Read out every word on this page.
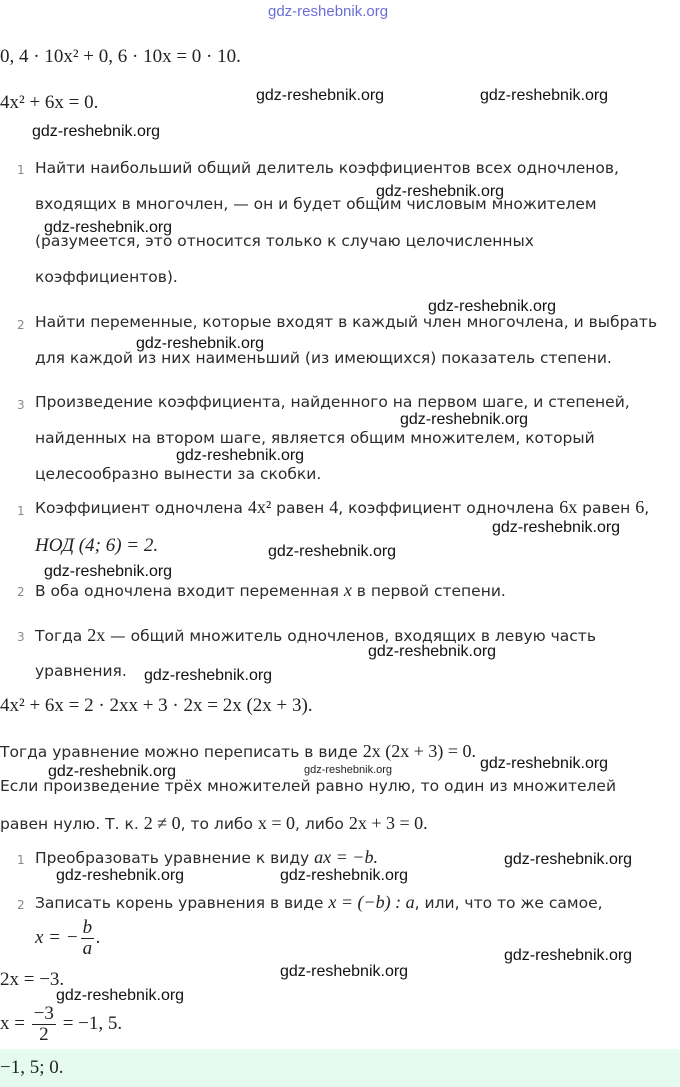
gdz-reshebnik.org
0, 4 · 10x² + 0, 6 · 10x = 0 · 10.
4x² + 6x = 0.	gdz-reshebnik.org	gdz-reshebnik.org
gdz-reshebnik.org
1 Найти наибольший общий делитель коэффициентов всех одночленов,
входящих в многочлен, — он и будет общим числовым множителем
(разумеется, это относится только к случаю целочисленных
коэффициентов).
gdz-reshebnik.org
gdz-reshebnik.org
2 Найти переменные, которые входят в каждый член многочлена, и выбрать
для каждой из них наименьший (из имеющихся) показатель степени.
gdz-reshebnik.org
gdz-reshebnik.org
3 Произведение коэффициента, найденного на первом шаге, и степеней,
найденных на втором шаге, является общим множителем, который
целесообразно вынести за скобки.
gdz-reshebnik.org
gdz-reshebnik.org
1 Коэффициент одночлена 4x² равен 4, коэффициент одночлена 6x равен 6,
НОД (4; 6) = 2.
gdz-reshebnik.org
gdz-reshebnik.org
gdz-reshebnik.org
2 В оба одночлена входит переменная x в первой степени.
3 Тогда 2x — общий множитель одночленов, входящих в левую часть
уравнения.
gdz-reshebnik.org
gdz-reshebnik.org
4x² + 6x = 2 · 2xx + 3 · 2x = 2x (2x + 3).
Тогда уравнение можно переписать в виде 2x (2x + 3) = 0.
gdz-reshebnik.org	gdz-reshebnik.org	gdz-reshebnik.org
Если произведение трёх множителей равно нулю, то один из множителей
равен нулю. Т. к. 2 ≠ 0, то либо x = 0, либо 2x + 3 = 0.
1 Преобразовать уравнение к виду ax = −b.	gdz-reshebnik.org
gdz-reshebnik.org	gdz-reshebnik.org
2 Записать корень уравнения в виде x = (−b) : a, или, что то же самое,
x = − $\frac{b}{a}$ .
gdz-reshebnik.org
2x = −3.	gdz-reshebnik.org
gdz-reshebnik.org
$x = \frac{-3}{2} = -1$, 5.
−1, 5; 0.
